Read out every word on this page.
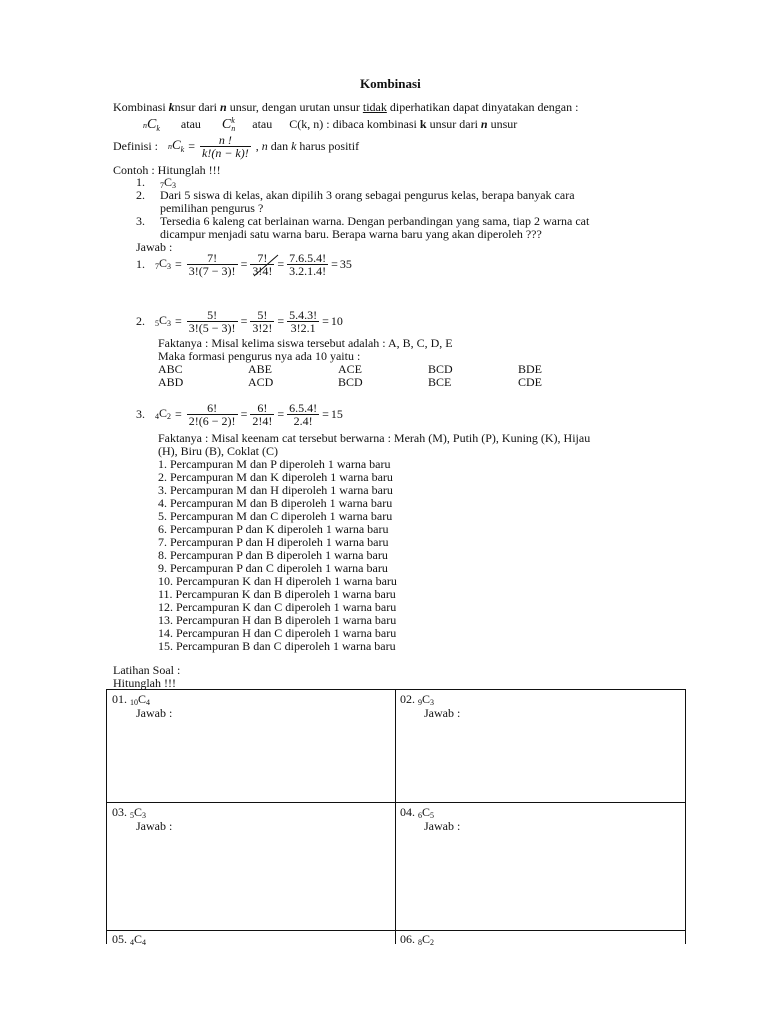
Kombinasi
Kombinasi knsur dari n unsur, dengan urutan unsur tidak diperhatikan dapat dinyatakan dengan :
$nC_k$ atau C k
n atau C(k, n) : dibaca kombinasi k unsur dari n unsur
Definisi : $nC_k = \frac{n !}{k!(n - k)!}$ , n dan k harus positif
Contoh : Hitunglah !!!
1. $_7C_3$
2. Dari 5 siswa di kelas, akan dipilih 3 orang sebagai pengurus kelas, berapa banyak cara
pemilihan pengurus ?
3. Tersedia 6 kaleng cat berlainan warna. Dengan perbandingan yang sama, tiap 2 warna cat
dicampur menjadi satu warna baru. Berapa warna baru yang akan diperoleh ???
Jawab :
1. $_7C_3 = \frac{7!}{3!(7 - 3)!} = \frac{7!}{3!4!} = \frac{7.6.5.4!}{3.2.1.4!} = 35$
2. $_5C_3 = \frac{5!}{3!(5 - 3)!} = \frac{5!}{3!2!} = \frac{5.4.3!}{3!2.1} = 10$
Faktanya : Misal kelima siswa tersebut adalah : A, B, C, D, E
Maka formasi pengurus nya ada 10 yaitu :
ABC	ABE	ACE	BCD	BDE
ABD	ACD	BCD	BCE	CDE
3. $_4C_2 = \frac{6!}{2!(6 - 2)!} = \frac{6!}{2!4!} = \frac{6.5.4!}{2.4!} = 15$
Faktanya : Misal keenam cat tersebut berwarna : Merah (M), Putih (P), Kuning (K), Hijau
(H), Biru (B), Coklat (C)
1. Percampuran M dan P diperoleh 1 warna baru
2. Percampuran M dan K diperoleh 1 warna baru
3. Percampuran M dan H diperoleh 1 warna baru
4. Percampuran M dan B diperoleh 1 warna baru
5. Percampuran M dan C diperoleh 1 warna baru
6. Percampuran P dan K diperoleh 1 warna baru
7. Percampuran P dan H diperoleh 1 warna baru
8. Percampuran P dan B diperoleh 1 warna baru
9. Percampuran P dan C diperoleh 1 warna baru
10. Percampuran K dan H diperoleh 1 warna baru
11. Percampuran K dan B diperoleh 1 warna baru
12. Percampuran K dan C diperoleh 1 warna baru
13. Percampuran H dan B diperoleh 1 warna baru
14. Percampuran H dan C diperoleh 1 warna baru
15. Percampuran B dan C diperoleh 1 warna baru
Latihan Soal :
Hitunglah !!!
01. $_{10}C_4$
Jawab :
02. $_9C_3$
Jawab :
03. $_5C_3$
Jawab :
04. $_6C_5$
Jawab :
05. $_4C_4$	06. $_8C_2$
